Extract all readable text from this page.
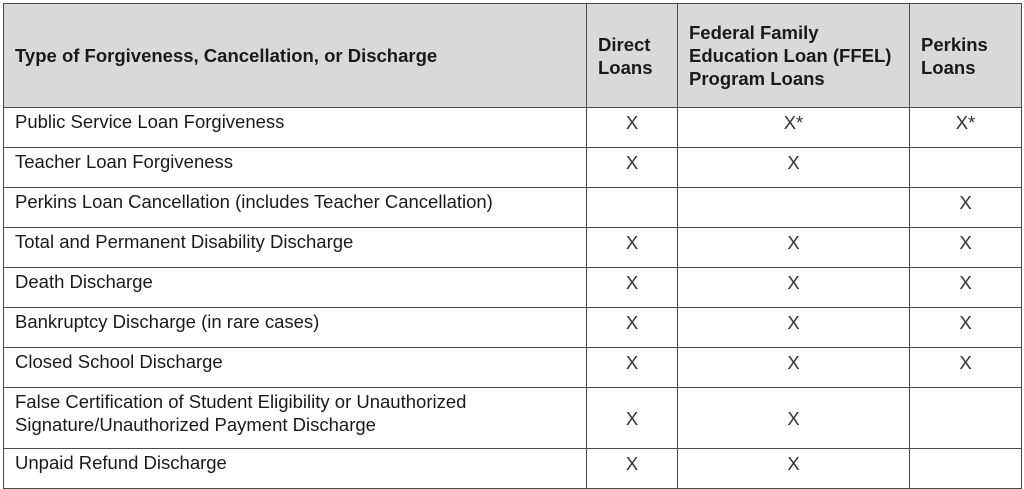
Type of Forgiveness, Cancellation, or Discharge	Direct Loans	Federal Family Education Loan (FFEL) Program Loans	Perkins Loans
Public Service Loan Forgiveness	X	X*	X*
Teacher Loan Forgiveness	X	X	
Perkins Loan Cancellation (includes Teacher Cancellation)			X
Total and Permanent Disability Discharge	X	X	X
Death Discharge	X	X	X
Bankruptcy Discharge (in rare cases)	X	X	X
Closed School Discharge	X	X	X
False Certification of Student Eligibility or Unauthorized Signature/Unauthorized Payment Discharge	X	X	
Unpaid Refund Discharge	X	X	
